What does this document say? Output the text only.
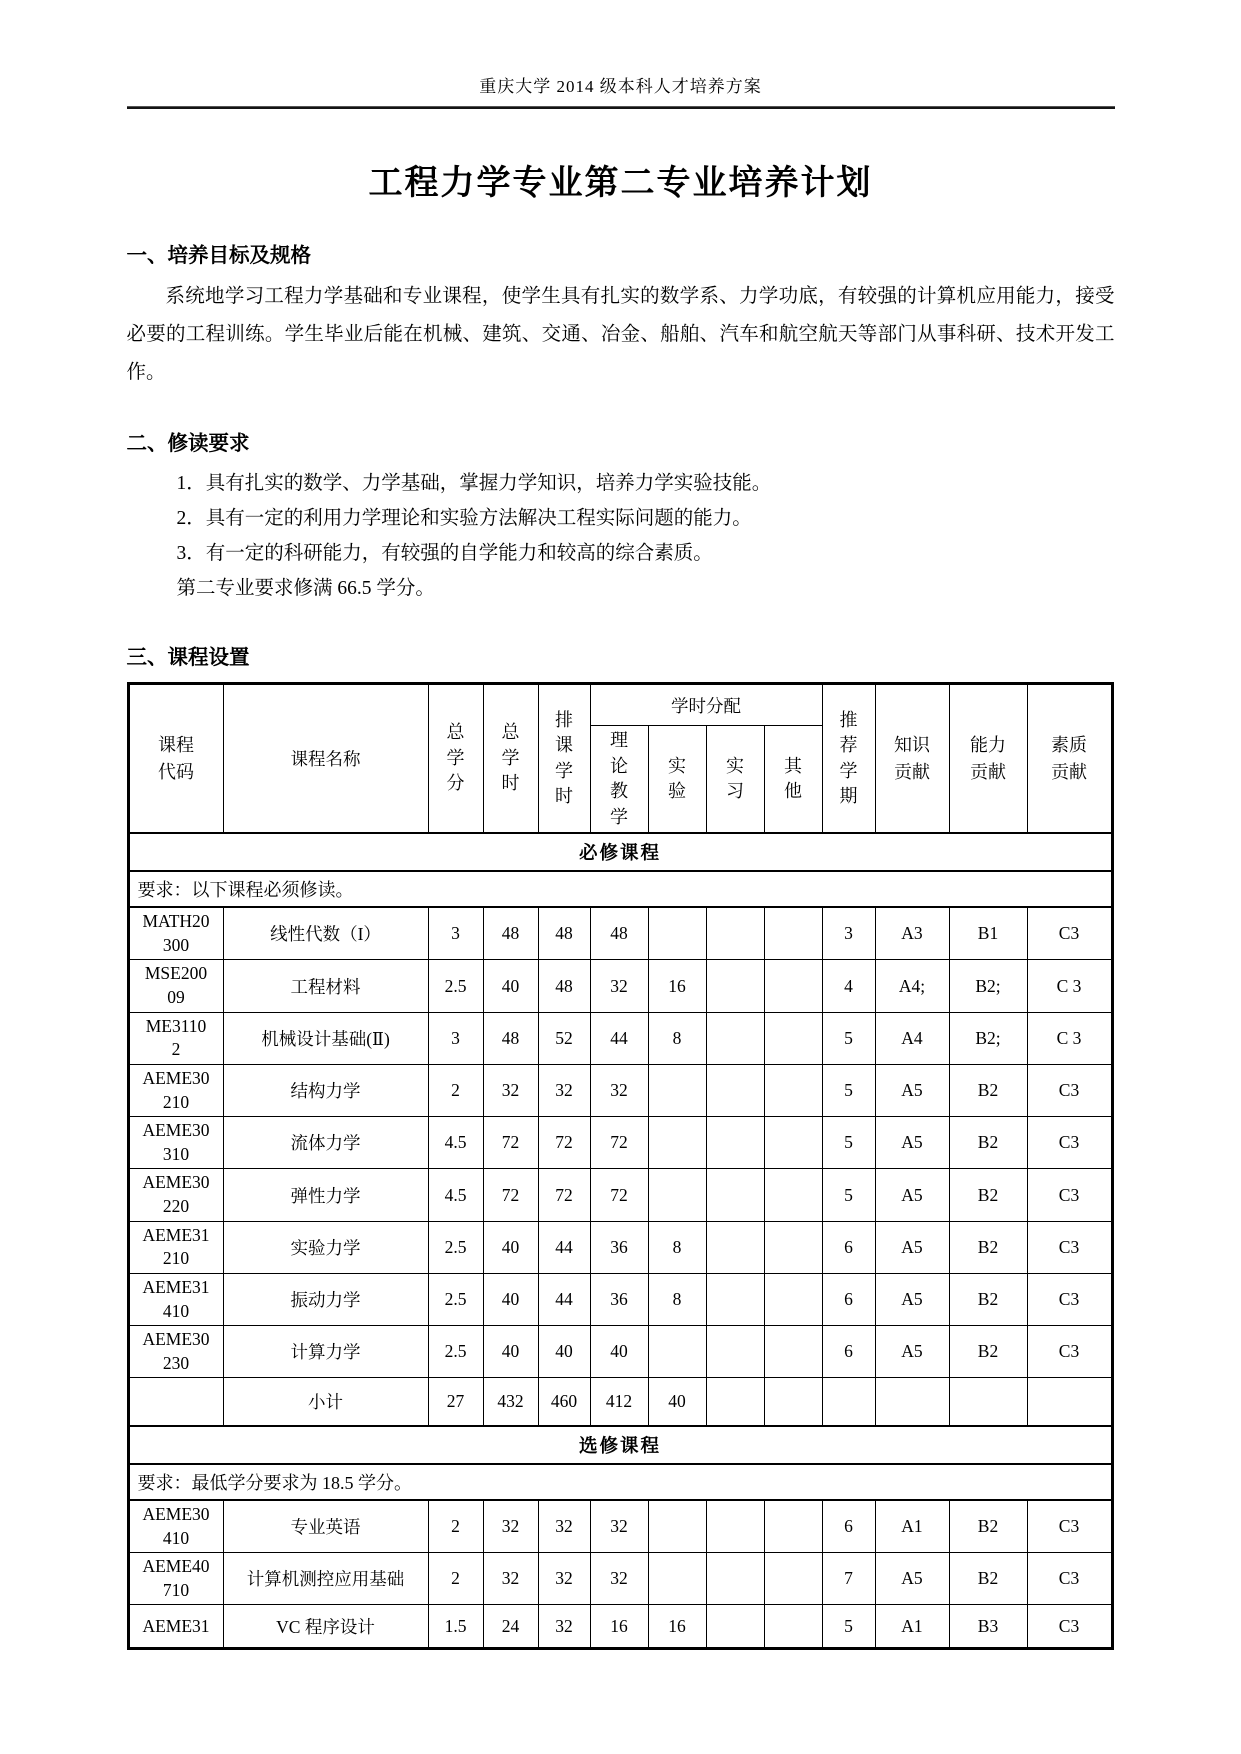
重庆大学 2014 级本科人才培养方案
工程力学专业第二专业培养计划
一、培养目标及规格

系统地学习工程力学基础和专业课程，使学生具有扎实的数学系、力学功底，有较强的计算机应用能力，接受必要的工程训练。学生毕业后能在机械、建筑、交通、冶金、船舶、汽车和航空航天等部门从事科研、技术开发工作。

二、修读要求

1．具有扎实的数学、力学基础，掌握力学知识，培养力学实验技能。

2．具有一定的利用力学理论和实验方法解决工程实际问题的能力。

3．有一定的科研能力，有较强的自学能力和较高的综合素质。

第二专业要求修满 66.5 学分。

三、课程设置
课程代码	课程名称	总学分	总学时	排课学时	学时分配				推荐学期	知识贡献	能力贡献	素质贡献

					理论教学	实验	实习	其他				

必修课程												
要求：以下课程必须修读。												

MATH20
300	线性代数（I）	3	48	48	48				3	A3	B1	C3

MSE200
09	工程材料	2.5	40	48	32	16			4	A4;	B2;	C 3

ME3110
2	机械设计基础(Ⅱ)	3	48	52	44	8			5	A4	B2;	C 3

AEME30
210	结构力学	2	32	32	32				5	A5	B2	C3

AEME30
310	流体力学	4.5	72	72	72				5	A5	B2	C3

AEME30
220	弹性力学	4.5	72	72	72				5	A5	B2	C3

AEME31
210	实验力学	2.5	40	44	36	8			6	A5	B2	C3

AEME31
410	振动力学	2.5	40	44	36	8			6	A5	B2	C3

AEME30
230	计算力学	2.5	40	40	40				6	A5	B2	C3
	小计	27	432	460	412	40						
选修课程												
要求：最低学分要求为 18.5 学分。												

AEME30
410	专业英语	2	32	32	32				6	A1	B2	C3

AEME40
710	计算机测控应用基础	2	32	32	32				7	A5	B2	C3

AEME31	VC 程序设计	1.5	24	32	16	16			5	A1	B3	C3
